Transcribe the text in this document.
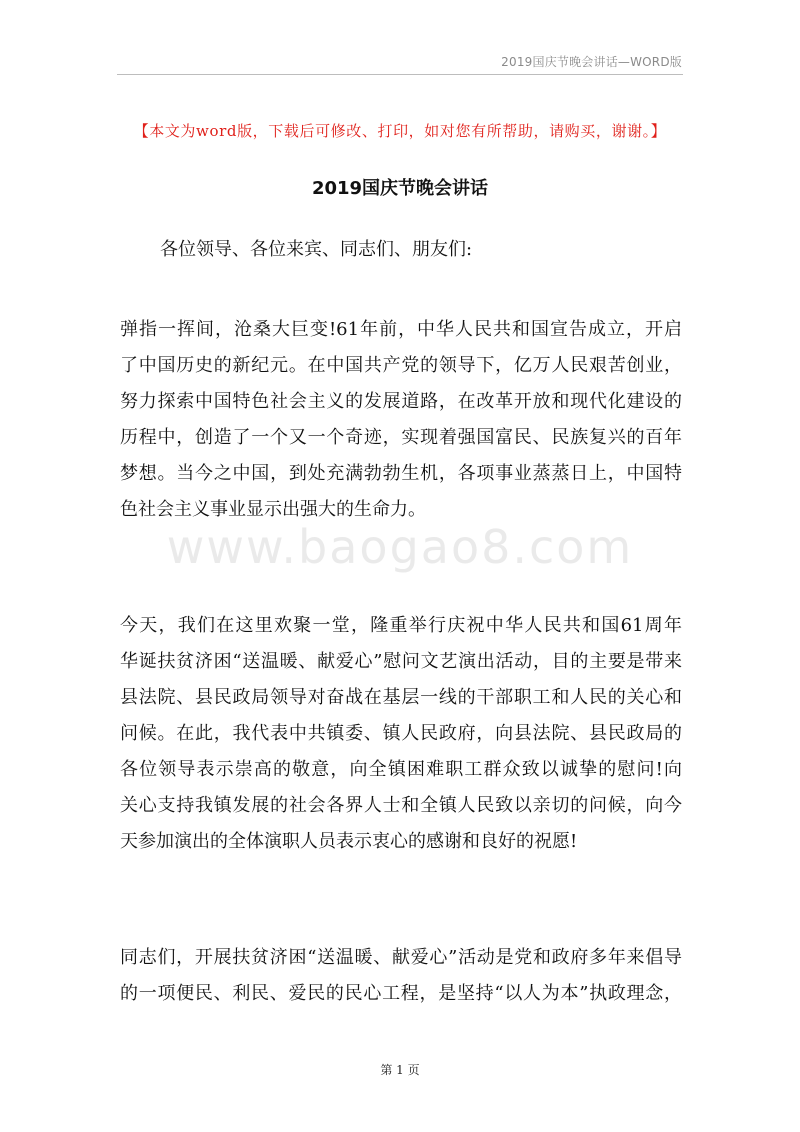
2019国庆节晚会讲话—WORD版
【本文为word版，下载后可修改、打印，如对您有所帮助，请购买，谢谢。】
2019国庆节晚会讲话
各位领导、各位来宾、同志们、朋友们:
弹指一挥间，沧桑大巨变!61年前，中华人民共和国宣告成立，开启
了中国历史的新纪元。在中国共产党的领导下，亿万人民艰苦创业，
努力探索中国特色社会主义的发展道路，在改革开放和现代化建设的
历程中，创造了一个又一个奇迹，实现着强国富民、民族复兴的百年
梦想。当今之中国，到处充满勃勃生机，各项事业蒸蒸日上，中国特
色社会主义事业显示出强大的生命力。
今天，我们在这里欢聚一堂，隆重举行庆祝中华人民共和国61周年
华诞扶贫济困“送温暖、献爱心”慰问文艺演出活动，目的主要是带来
县法院、县民政局领导对奋战在基层一线的干部职工和人民的关心和
问候。在此，我代表中共镇委、镇人民政府，向县法院、县民政局的
各位领导表示崇高的敬意，向全镇困难职工群众致以诚挚的慰问!向
关心支持我镇发展的社会各界人士和全镇人民致以亲切的问候，向今
天参加演出的全体演职人员表示衷心的感谢和良好的祝愿!
同志们，开展扶贫济困“送温暖、献爱心”活动是党和政府多年来倡导
的一项便民、利民、爱民的民心工程，是坚持“以人为本”执政理念，
www.baogao8.com
第 1 页
